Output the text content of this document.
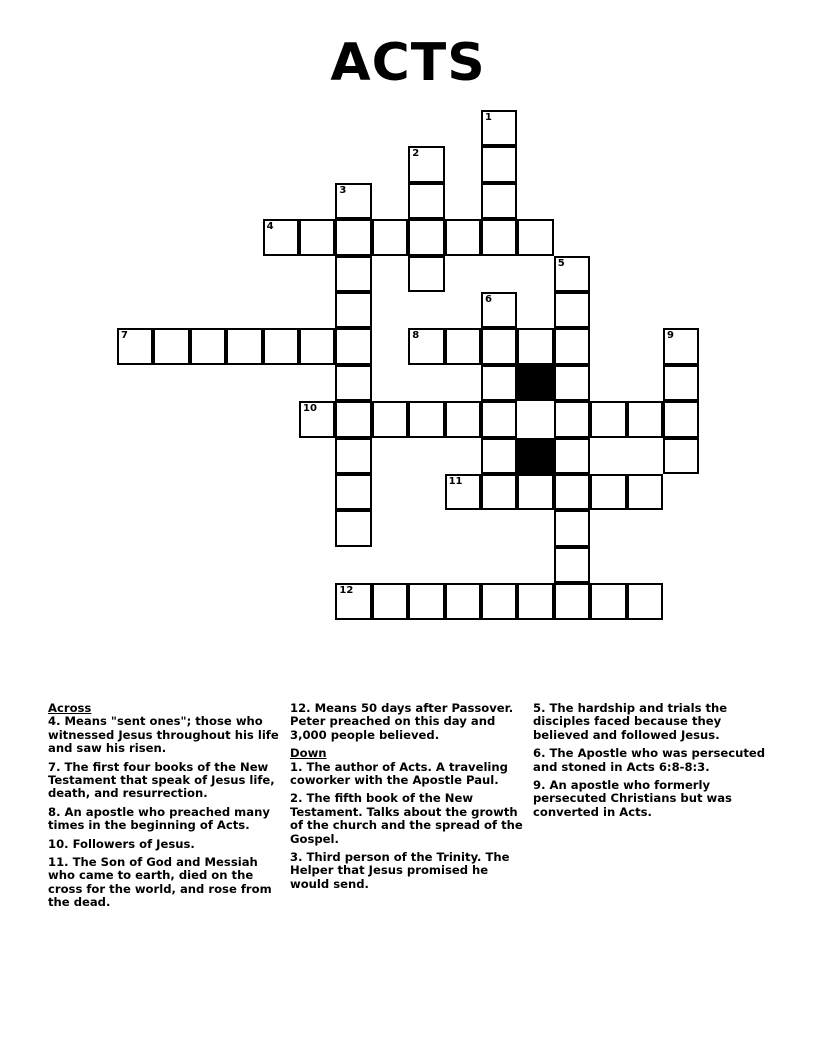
ACTS
1
2
3
4
5
6
7	8	9
10
11
12
Across
4. Means "sent ones"; those who witnessed Jesus throughout his life and saw his risen.
7. The first four books of the New Testament that speak of Jesus life, death, and resurrection.
8. An apostle who preached many times in the beginning of Acts.
10. Followers of Jesus.
11. The Son of God and Messiah who came to earth, died on the cross for the world, and rose from the dead.
12. Means 50 days after Passover. Peter preached on this day and 3,000 people believed.
Down
1. The author of Acts. A traveling coworker with the Apostle Paul.
2. The fifth book of the New Testament. Talks about the growth of the church and the spread of the Gospel.
3. Third person of the Trinity. The Helper that Jesus promised he would send.
5. The hardship and trials the disciples faced because they believed and followed Jesus.
6. The Apostle who was persecuted and stoned in Acts 6:8-8:3.
9. An apostle who formerly persecuted Christians but was converted in Acts.
